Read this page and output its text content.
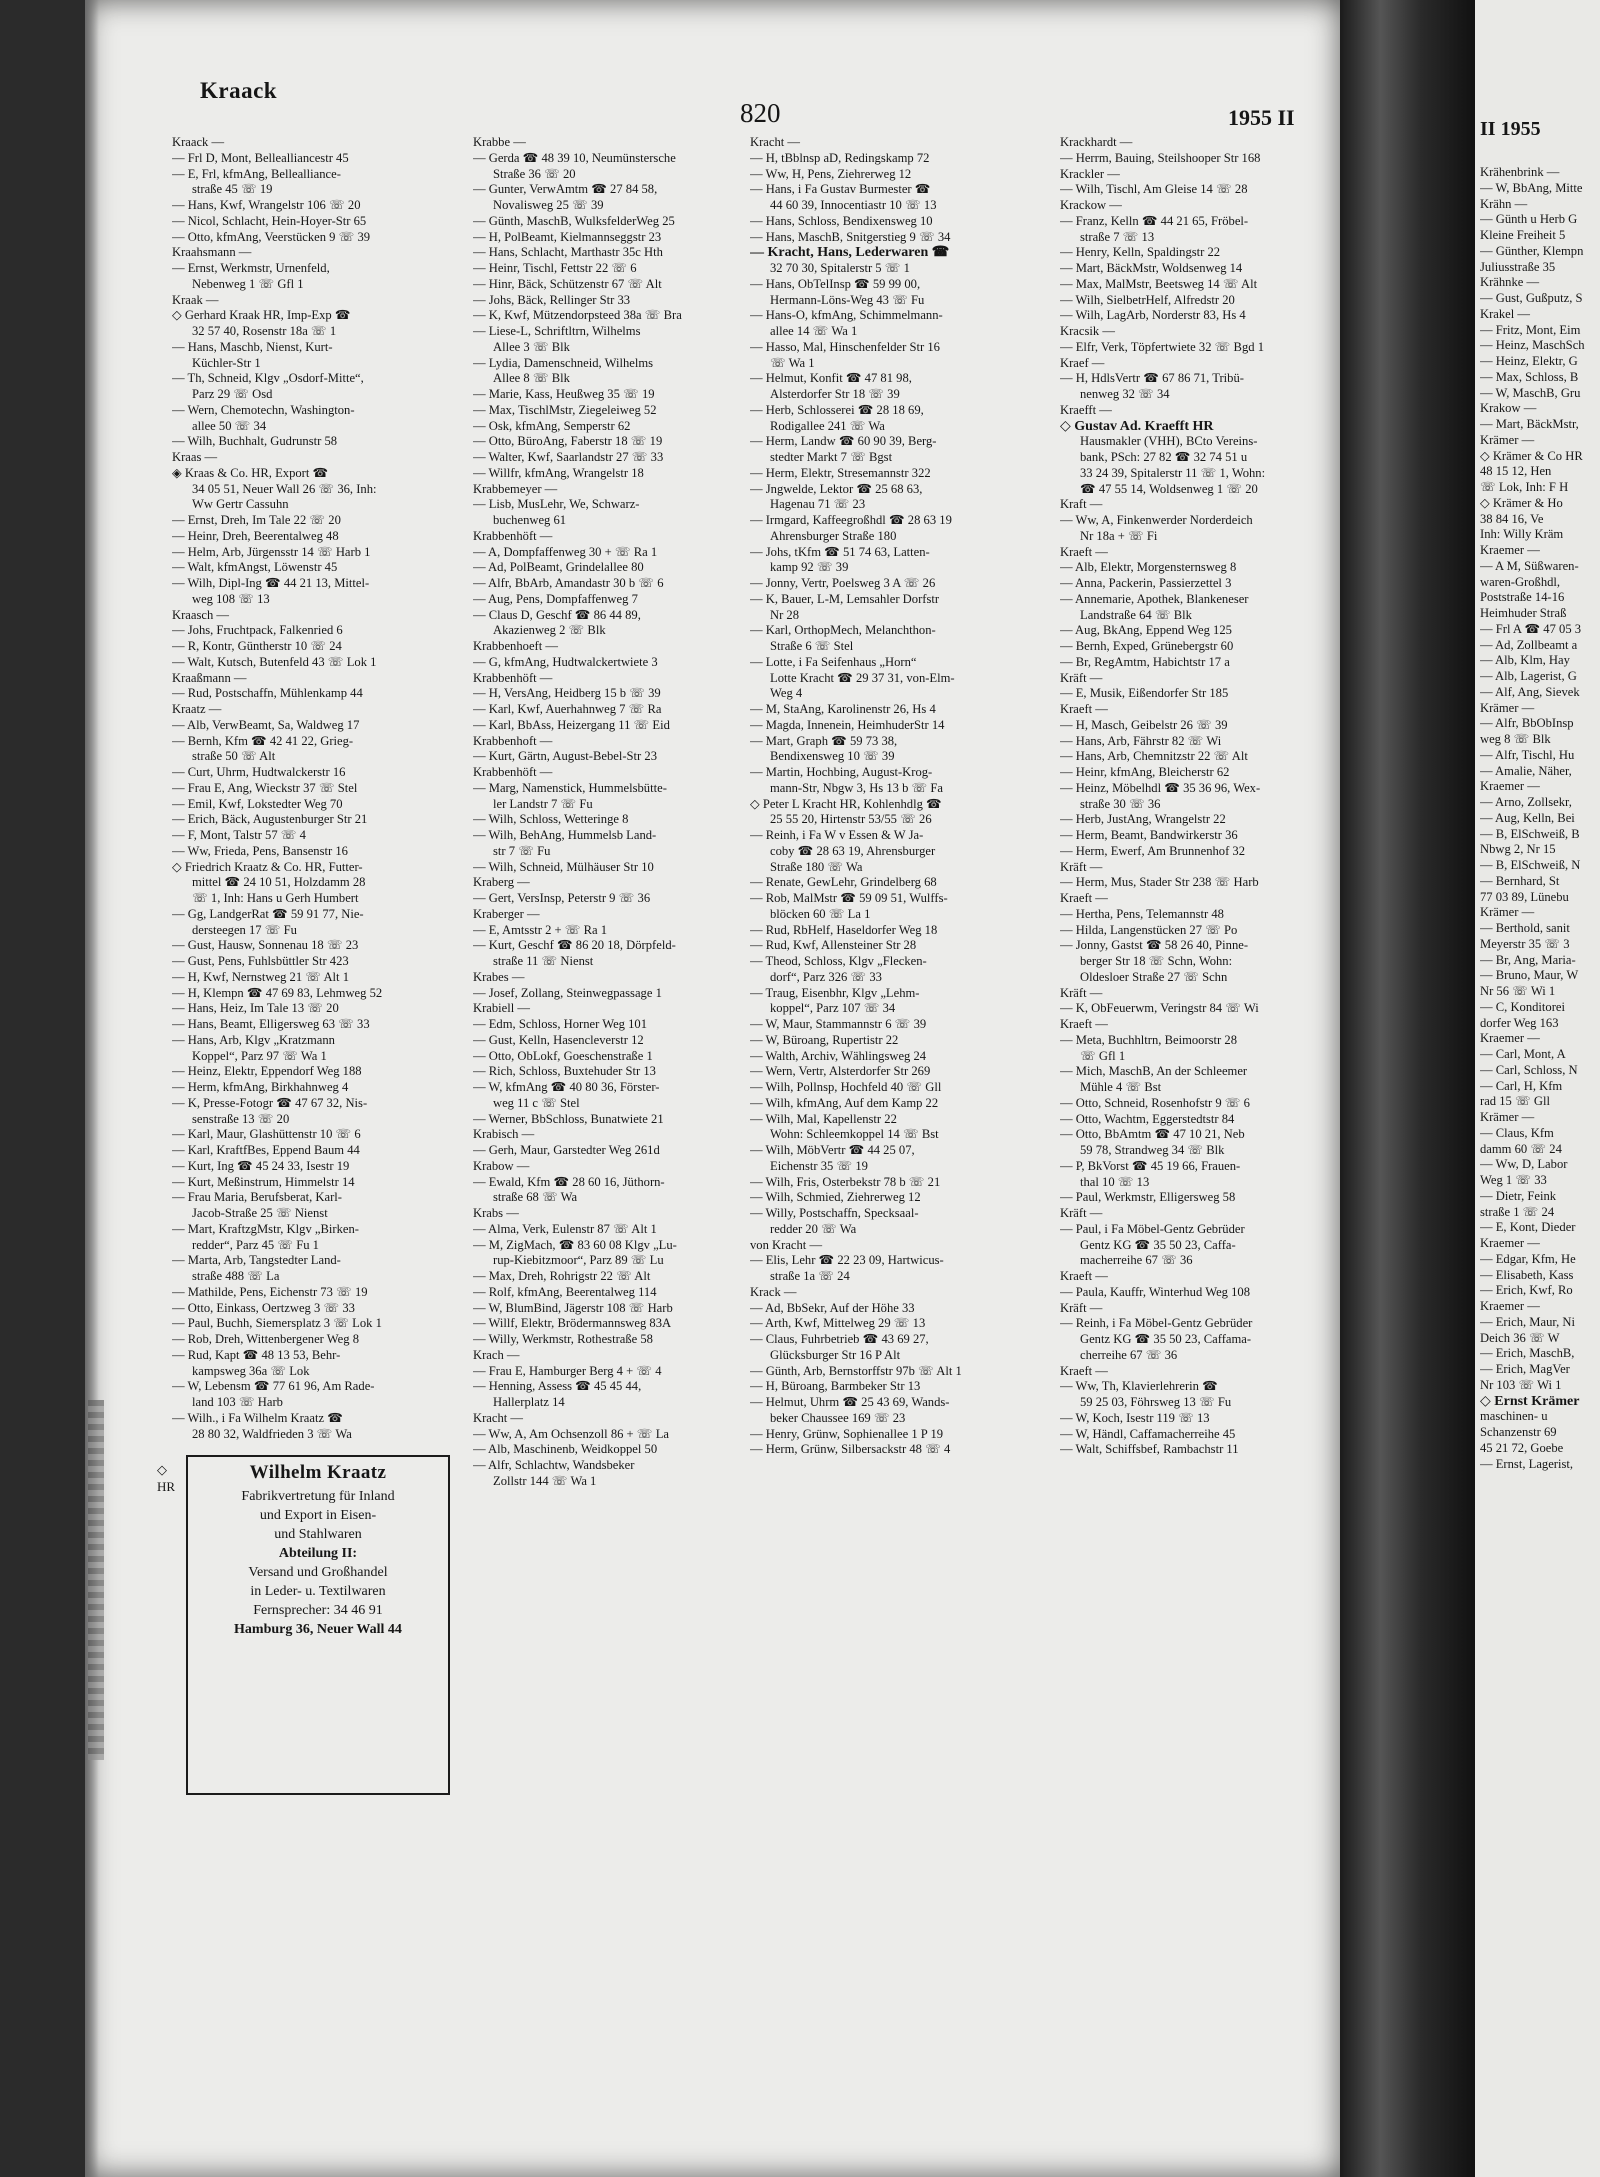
Kraack
820	1955 II	II 1955
Kraack —
— Frl D, Mont, Bellealliancestr 45
— E, Frl, kfmAng, Bellealliance-
straße 45 ☏ 19
— Hans, Kwf, Wrangelstr 106 ☏ 20
— Nicol, Schlacht, Hein-Hoyer-Str 65
— Otto, kfmAng, Veerstücken 9 ☏ 39
Kraahsmann —
— Ernst, Werkmstr, Urnenfeld,
Nebenweg 1 ☏ Gfl 1
Kraak —
◇ Gerhard Kraak HR, Imp-Exp ☎
32 57 40, Rosenstr 18a ☏ 1
— Hans, Maschb, Nienst, Kurt-
Küchler-Str 1
— Th, Schneid, Klgv „Osdorf-Mitte“,
Parz 29 ☏ Osd
— Wern, Chemotechn, Washington-
allee 50 ☏ 34
— Wilh, Buchhalt, Gudrunstr 58
Kraas —
◈ Kraas & Co. HR, Export ☎
34 05 51, Neuer Wall 26 ☏ 36, Inh:
Ww Gertr Cassuhn
— Ernst, Dreh, Im Tale 22 ☏ 20
— Heinr, Dreh, Beerentalweg 48
— Helm, Arb, Jürgensstr 14 ☏ Harb 1
— Walt, kfmAngst, Löwenstr 45
— Wilh, Dipl-Ing ☎ 44 21 13, Mittel-
weg 108 ☏ 13
Kraasch —
— Johs, Fruchtpack, Falkenried 6
— R, Kontr, Güntherstr 10 ☏ 24
— Walt, Kutsch, Butenfeld 43 ☏ Lok 1
Kraaßmann —
— Rud, Postschaffn, Mühlenkamp 44
Kraatz —
— Alb, VerwBeamt, Sa, Waldweg 17
— Bernh, Kfm ☎ 42 41 22, Grieg-
straße 50 ☏ Alt
— Curt, Uhrm, Hudtwalckerstr 16
— Frau E, Ang, Wieckstr 37 ☏ Stel
— Emil, Kwf, Lokstedter Weg 70
— Erich, Bäck, Augustenburger Str 21
— F, Mont, Talstr 57 ☏ 4
— Ww, Frieda, Pens, Bansenstr 16
◇ Friedrich Kraatz & Co. HR, Futter-
mittel ☎ 24 10 51, Holzdamm 28
☏ 1, Inh: Hans u Gerh Humbert
— Gg, LandgerRat ☎ 59 91 77, Nie-
dersteegen 17 ☏ Fu
— Gust, Hausw, Sonnenau 18 ☏ 23
— Gust, Pens, Fuhlsbüttler Str 423
— H, Kwf, Nernstweg 21 ☏ Alt 1
— H, Klempn ☎ 47 69 83, Lehmweg 52
— Hans, Heiz, Im Tale 13 ☏ 20
— Hans, Beamt, Elligersweg 63 ☏ 33
— Hans, Arb, Klgv „Kratzmann
Koppel“, Parz 97 ☏ Wa 1
— Heinz, Elektr, Eppendorf Weg 188
— Herm, kfmAng, Birkhahnweg 4
— K, Presse-Fotogr ☎ 47 67 32, Nis-
senstraße 13 ☏ 20
— Karl, Maur, Glashüttenstr 10 ☏ 6
— Karl, KraftfBes, Eppend Baum 44
— Kurt, Ing ☎ 45 24 33, Isestr 19
— Kurt, Meßinstrum, Himmelstr 14
— Frau Maria, Berufsberat, Karl-
Jacob-Straße 25 ☏ Nienst
— Mart, KraftzgMstr, Klgv „Birken-
redder“, Parz 45 ☏ Fu 1
— Marta, Arb, Tangstedter Land-
straße 488 ☏ La
— Mathilde, Pens, Eichenstr 73 ☏ 19
— Otto, Einkass, Oertzweg 3 ☏ 33
— Paul, Buchh, Siemersplatz 3 ☏ Lok 1
— Rob, Dreh, Wittenbergener Weg 8
— Rud, Kapt ☎ 48 13 53, Behr-
kampsweg 36a ☏ Lok
— W, Lebensm ☎ 77 61 96, Am Rade-
land 103 ☏ Harb
— Wilh., i Fa Wilhelm Kraatz ☎
28 80 32, Waldfrieden 3 ☏ Wa
Krabbe —
— Gerda ☎ 48 39 10, Neumünstersche
Straße 36 ☏ 20
— Gunter, VerwAmtm ☎ 27 84 58,
Novalisweg 25 ☏ 39
— Günth, MaschB, WulksfelderWeg 25
— H, PolBeamt, Kielmannseggstr 23
— Hans, Schlacht, Marthastr 35c Hth
— Heinr, Tischl, Fettstr 22 ☏ 6
— Hinr, Bäck, Schützenstr 67 ☏ Alt
— Johs, Bäck, Rellinger Str 33
— K, Kwf, Mützendorpsteed 38a ☏ Bra
— Liese-L, Schriftltrn, Wilhelms
Allee 3 ☏ Blk
— Lydia, Damenschneid, Wilhelms
Allee 8 ☏ Blk
— Marie, Kass, Heußweg 35 ☏ 19
— Max, TischlMstr, Ziegeleiweg 52
— Osk, kfmAng, Semperstr 62
— Otto, BüroAng, Faberstr 18 ☏ 19
— Walter, Kwf, Saarlandstr 27 ☏ 33
— Willfr, kfmAng, Wrangelstr 18
Krabbemeyer —
— Lisb, MusLehr, We, Schwarz-
buchenweg 61
Krabbenhöft —
— A, Dompfaffenweg 30 + ☏ Ra 1
— Ad, PolBeamt, Grindelallee 80
— Alfr, BbArb, Amandastr 30 b ☏ 6
— Aug, Pens, Dompfaffenweg 7
— Claus D, Geschf ☎ 86 44 89,
Akazienweg 2 ☏ Blk
Krabbenhoeft —
— G, kfmAng, Hudtwalckertwiete 3
Krabbenhöft —
— H, VersAng, Heidberg 15 b ☏ 39
— Karl, Kwf, Auerhahnweg 7 ☏ Ra
— Karl, BbAss, Heizergang 11 ☏ Eid
Krabbenhoft —
— Kurt, Gärtn, August-Bebel-Str 23
Krabbenhöft —
— Marg, Namenstick, Hummelsbütte-
ler Landstr 7 ☏ Fu
— Wilh, Schloss, Wetteringe 8
— Wilh, BehAng, Hummelsb Land-
str 7 ☏ Fu
— Wilh, Schneid, Mülhäuser Str 10
Kraberg —
— Gert, VersInsp, Peterstr 9 ☏ 36
Kraberger —
— E, Amtsstr 2 + ☏ Ra 1
— Kurt, Geschf ☎ 86 20 18, Dörpfeld-
straße 11 ☏ Nienst
Krabes —
— Josef, Zollang, Steinwegpassage 1
Krabiell —
— Edm, Schloss, Horner Weg 101
— Gust, Kelln, Hasencleverstr 12
— Otto, ObLokf, Goeschenstraße 1
— Rich, Schloss, Buxtehuder Str 13
— W, kfmAng ☎ 40 80 36, Förster-
weg 11 c ☏ Stel
— Werner, BbSchloss, Bunatwiete 21
Krabisch —
— Gerh, Maur, Garstedter Weg 261d
Krabow —
— Ewald, Kfm ☎ 28 60 16, Jüthorn-
straße 68 ☏ Wa
Krabs —
— Alma, Verk, Eulenstr 87 ☏ Alt 1
— M, ZigMach, ☎ 83 60 08 Klgv „Lu-
rup-Kiebitzmoor“, Parz 89 ☏ Lu
— Max, Dreh, Rohrigstr 22 ☏ Alt
— Rolf, kfmAng, Beerentalweg 114
— W, BlumBind, Jägerstr 108 ☏ Harb
— Willf, Elektr, Brödermannsweg 83A
— Willy, Werkmstr, Rothestraße 58
Krach —
— Frau E, Hamburger Berg 4 + ☏ 4
— Henning, Assess ☎ 45 45 44,
Hallerplatz 14
Kracht —
— Ww, A, Am Ochsenzoll 86 + ☏ La
— Alb, Maschinenb, Weidkoppel 50
— Alfr, Schlachtw, Wandsbeker
Zollstr 144 ☏ Wa 1
Kracht —
— H, tBblnsp aD, Redingskamp 72
— Ww, H, Pens, Ziehrerweg 12
— Hans, i Fa Gustav Burmester ☎
44 60 39, Innocentiastr 10 ☏ 13
— Hans, Schloss, Bendixensweg 10
— Hans, MaschB, Snitgerstieg 9 ☏ 34
— Kracht, Hans, Lederwaren ☎
32 70 30, Spitalerstr 5 ☏ 1
— Hans, ObTelInsp ☎ 59 99 00,
Hermann-Löns-Weg 43 ☏ Fu
— Hans-O, kfmAng, Schimmelmann-
allee 14 ☏ Wa 1
— Hasso, Mal, Hinschenfelder Str 16
☏ Wa 1
— Helmut, Konfit ☎ 47 81 98,
Alsterdorfer Str 18 ☏ 39
— Herb, Schlosserei ☎ 28 18 69,
Rodigallee 241 ☏ Wa
— Herm, Landw ☎ 60 90 39, Berg-
stedter Markt 7 ☏ Bgst
— Herm, Elektr, Stresemannstr 322
— Jngwelde, Lektor ☎ 25 68 63,
Hagenau 71 ☏ 23
— Irmgard, Kaffeegroßhdl ☎ 28 63 19
Ahrensburger Straße 180
— Johs, tKfm ☎ 51 74 63, Latten-
kamp 92 ☏ 39
— Jonny, Vertr, Poelsweg 3 A ☏ 26
— K, Bauer, L-M, Lemsahler Dorfstr
Nr 28
— Karl, OrthopMech, Melanchthon-
Straße 6 ☏ Stel
— Lotte, i Fa Seifenhaus „Horn“
Lotte Kracht ☎ 29 37 31, von-Elm-
Weg 4
— M, StaAng, Karolinenstr 26, Hs 4
— Magda, Innenein, HeimhuderStr 14
— Mart, Graph ☎ 59 73 38,
Bendixensweg 10 ☏ 39
— Martin, Hochbing, August-Krog-
mann-Str, Nbgw 3, Hs 13 b ☏ Fa
◇ Peter L Kracht HR, Kohlenhdlg ☎
25 55 20, Hirtenstr 53/55 ☏ 26
— Reinh, i Fa W v Essen & W Ja-
coby ☎ 28 63 19, Ahrensburger
Straße 180 ☏ Wa
— Renate, GewLehr, Grindelberg 68
— Rob, MalMstr ☎ 59 09 51, Wulffs-
blöcken 60 ☏ La 1
— Rud, RbHelf, Haseldorfer Weg 18
— Rud, Kwf, Allensteiner Str 28
— Theod, Schloss, Klgv „Flecken-
dorf“, Parz 326 ☏ 33
— Traug, Eisenbhr, Klgv „Lehm-
koppel“, Parz 107 ☏ 34
— W, Maur, Stammannstr 6 ☏ 39
— W, Büroang, Rupertistr 22
— Walth, Archiv, Wählingsweg 24
— Wern, Vertr, Alsterdorfer Str 269
— Wilh, Pollnsp, Hochfeld 40 ☏ Gll
— Wilh, kfmAng, Auf dem Kamp 22
— Wilh, Mal, Kapellenstr 22
Wohn: Schleemkoppel 14 ☏ Bst
— Wilh, MöbVertr ☎ 44 25 07,
Eichenstr 35 ☏ 19
— Wilh, Fris, Osterbekstr 78 b ☏ 21
— Wilh, Schmied, Ziehrerweg 12
— Willy, Postschaffn, Specksaal-
redder 20 ☏ Wa
von Kracht —
— Elis, Lehr ☎ 22 23 09, Hartwicus-
straße 1a ☏ 24
Krack —
— Ad, BbSekr, Auf der Höhe 33
— Arth, Kwf, Mittelweg 29 ☏ 13
— Claus, Fuhrbetrieb ☎ 43 69 27,
Glücksburger Str 16 P Alt
— Günth, Arb, Bernstorffstr 97b ☏ Alt 1
— H, Büroang, Barmbeker Str 13
— Helmut, Uhrm ☎ 25 43 69, Wands-
beker Chaussee 169 ☏ 23
— Henry, Grünw, Sophienallee 1 P 19
— Herm, Grünw, Silbersackstr 48 ☏ 4
Krackhardt —
— Herrm, Bauing, Steilshooper Str 168
Krackler —
— Wilh, Tischl, Am Gleise 14 ☏ 28
Krackow —
— Franz, Kelln ☎ 44 21 65, Fröbel-
straße 7 ☏ 13
— Henry, Kelln, Spaldingstr 22
— Mart, BäckMstr, Woldsenweg 14
— Max, MalMstr, Beetsweg 14 ☏ Alt
— Wilh, SielbetrHelf, Alfredstr 20
— Wilh, LagArb, Norderstr 83, Hs 4
Kracsik —
— Elfr, Verk, Töpfertwiete 32 ☏ Bgd 1
Kraef —
— H, HdlsVertr ☎ 67 86 71, Tribü-
nenweg 32 ☏ 34
Kraefft —
◇ Gustav Ad. Kraefft HR
Hausmakler (VHH), BCto Vereins-
bank, PSch: 27 82 ☎ 32 74 51 u
33 24 39, Spitalerstr 11 ☏ 1, Wohn:
☎ 47 55 14, Woldsenweg 1 ☏ 20
Kraft —
— Ww, A, Finkenwerder Norderdeich
Nr 18a + ☏ Fi
Kraeft —
— Alb, Elektr, Morgensternsweg 8
— Anna, Packerin, Passierzettel 3
— Annemarie, Apothek, Blankeneser
Landstraße 64 ☏ Blk
— Aug, BkAng, Eppend Weg 125
— Bernh, Exped, Grünebergstr 60
— Br, RegAmtm, Habichtstr 17 a
Kräft —
— E, Musik, Eißendorfer Str 185
Kraeft —
— H, Masch, Geibelstr 26 ☏ 39
— Hans, Arb, Fährstr 82 ☏ Wi
— Hans, Arb, Chemnitzstr 22 ☏ Alt
— Heinr, kfmAng, Bleicherstr 62
— Heinz, Möbelhdl ☎ 35 36 96, Wex-
straße 30 ☏ 36
— Herb, JustAng, Wrangelstr 22
— Herm, Beamt, Bandwirkerstr 36
— Herm, Ewerf, Am Brunnenhof 32
Kräft —
— Herm, Mus, Stader Str 238 ☏ Harb
Kraeft —
— Hertha, Pens, Telemannstr 48
— Hilda, Langenstücken 27 ☏ Po
— Jonny, Gastst ☎ 58 26 40, Pinne-
berger Str 18 ☏ Schn, Wohn:
Oldesloer Straße 27 ☏ Schn
Kräft —
— K, ObFeuerwm, Veringstr 84 ☏ Wi
Kraeft —
— Meta, Buchhltrn, Beimoorstr 28
☏ Gfl 1
— Mich, MaschB, An der Schleemer
Mühle 4 ☏ Bst
— Otto, Schneid, Rosenhofstr 9 ☏ 6
— Otto, Wachtm, Eggerstedtstr 84
— Otto, BbAmtm ☎ 47 10 21, Neb
59 78, Strandweg 34 ☏ Blk
— P, BkVorst ☎ 45 19 66, Frauen-
thal 10 ☏ 13
— Paul, Werkmstr, Elligersweg 58
Kräft —
— Paul, i Fa Möbel-Gentz Gebrüder
Gentz KG ☎ 35 50 23, Caffa-
macherreihe 67 ☏ 36
Kraeft —
— Paula, Kauffr, Winterhud Weg 108
Kräft —
— Reinh, i Fa Möbel-Gentz Gebrüder
Gentz KG ☎ 35 50 23, Caffama-
cherreihe 67 ☏ 36
Kraeft —
— Ww, Th, Klavierlehrerin ☎
59 25 03, Föhrsweg 13 ☏ Fu
— W, Koch, Isestr 119 ☏ 13
— W, Händl, Caffamacherreihe 45
— Walt, Schiffsbef, Rambachstr 11
Krähenbrink —
— W, BbAng, Mitte
Krähn —
— Günth u Herb G
Kleine Freiheit 5
— Günther, Klempn
Juliusstraße 35
Krähnke —
— Gust, Gußputz, S
Krakel —
— Fritz, Mont, Eim
— Heinz, MaschSch
— Heinz, Elektr, G
— Max, Schloss, B
— W, MaschB, Gru
Krakow —
— Mart, BäckMstr,
Krämer —
◇ Krämer & Co HR
48 15 12, Hen
☏ Lok, Inh: F H
◇ Krämer & Ho
38 84 16, Ve
Inh: Willy Kräm
Kraemer —
— A M, Süßwaren-
waren-Großhdl,
Poststraße 14-16
Heimhuder Straß
— Frl A ☎ 47 05 3
— Ad, Zollbeamt a
— Alb, Klm, Hay
— Alb, Lagerist, G
— Alf, Ang, Sievek
Krämer —
— Alfr, BbObInsp
weg 8 ☏ Blk
— Alfr, Tischl, Hu
— Amalie, Näher,
Kraemer —
— Arno, Zollsekr,
— Aug, Kelln, Bei
— B, ElSchweiß, B
Nbwg 2, Nr 15
— B, ElSchweiß, N
— Bernhard, St
77 03 89, Lünebu
Krämer —
— Berthold, sanit
Meyerstr 35 ☏ 3
— Br, Ang, Maria-
— Bruno, Maur, W
Nr 56 ☏ Wi 1
— C, Konditorei
dorfer Weg 163
Kraemer —
— Carl, Mont, A
— Carl, Schloss, N
— Carl, H, Kfm
rad 15 ☏ Gll
Krämer —
— Claus, Kfm
damm 60 ☏ 24
— Ww, D, Labor
Weg 1 ☏ 33
— Dietr, Feink
straße 1 ☏ 24
— E, Kont, Dieder
Kraemer —
— Edgar, Kfm, He
— Elisabeth, Kass
— Erich, Kwf, Ro
Kraemer —
— Erich, Maur, Ni
Deich 36 ☏ W
— Erich, MaschB,
— Erich, MagVer
Nr 103 ☏ Wi 1
◇ Ernst Krämer
maschinen- u
Schanzenstr 69
45 21 72, Goebe
— Ernst, Lagerist,
◇
HR
Wilhelm Kraatz
Fabrikvertretung für Inland
und Export in Eisen-
und Stahlwaren
Abteilung II:
Versand und Großhandel
in Leder- u. Textilwaren
Fernsprecher: 34 46 91
Hamburg 36, Neuer Wall 44
